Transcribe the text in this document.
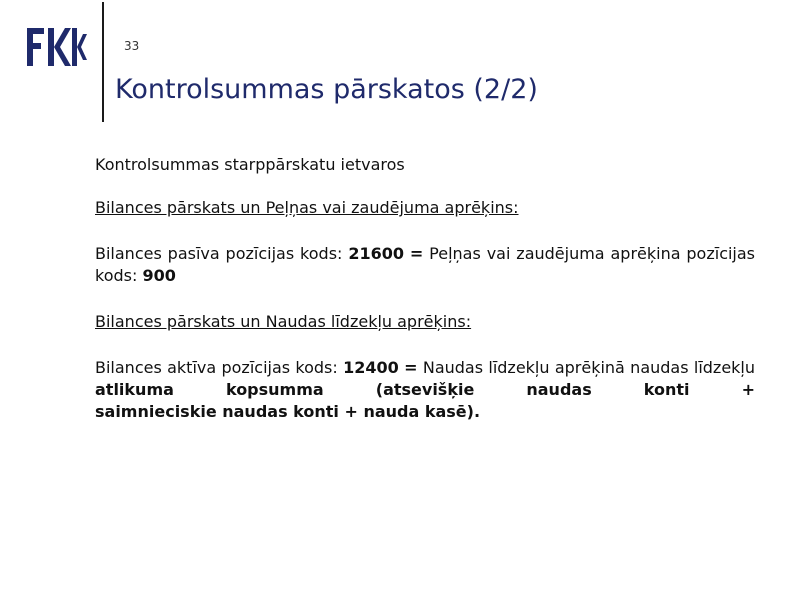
33
Kontrolsummas pārskatos (2/2)

Kontrolsummas starppārskatu ietvaros

Bilances pārskats un Peļņas vai zaudējuma aprēķins:

Bilances pasīva pozīcijas kods: 21600 = Peļņas vai zaudējuma aprēķina pozīcijas kods: 900

Bilances pārskats un Naudas līdzekļu aprēķins:

Bilances aktīva pozīcijas kods: 12400 = Naudas līdzekļu aprēķinā naudas līdzekļu atlikuma kopsumma (atsevišķie naudas konti +

saimnieciskie naudas konti + nauda kasē).
